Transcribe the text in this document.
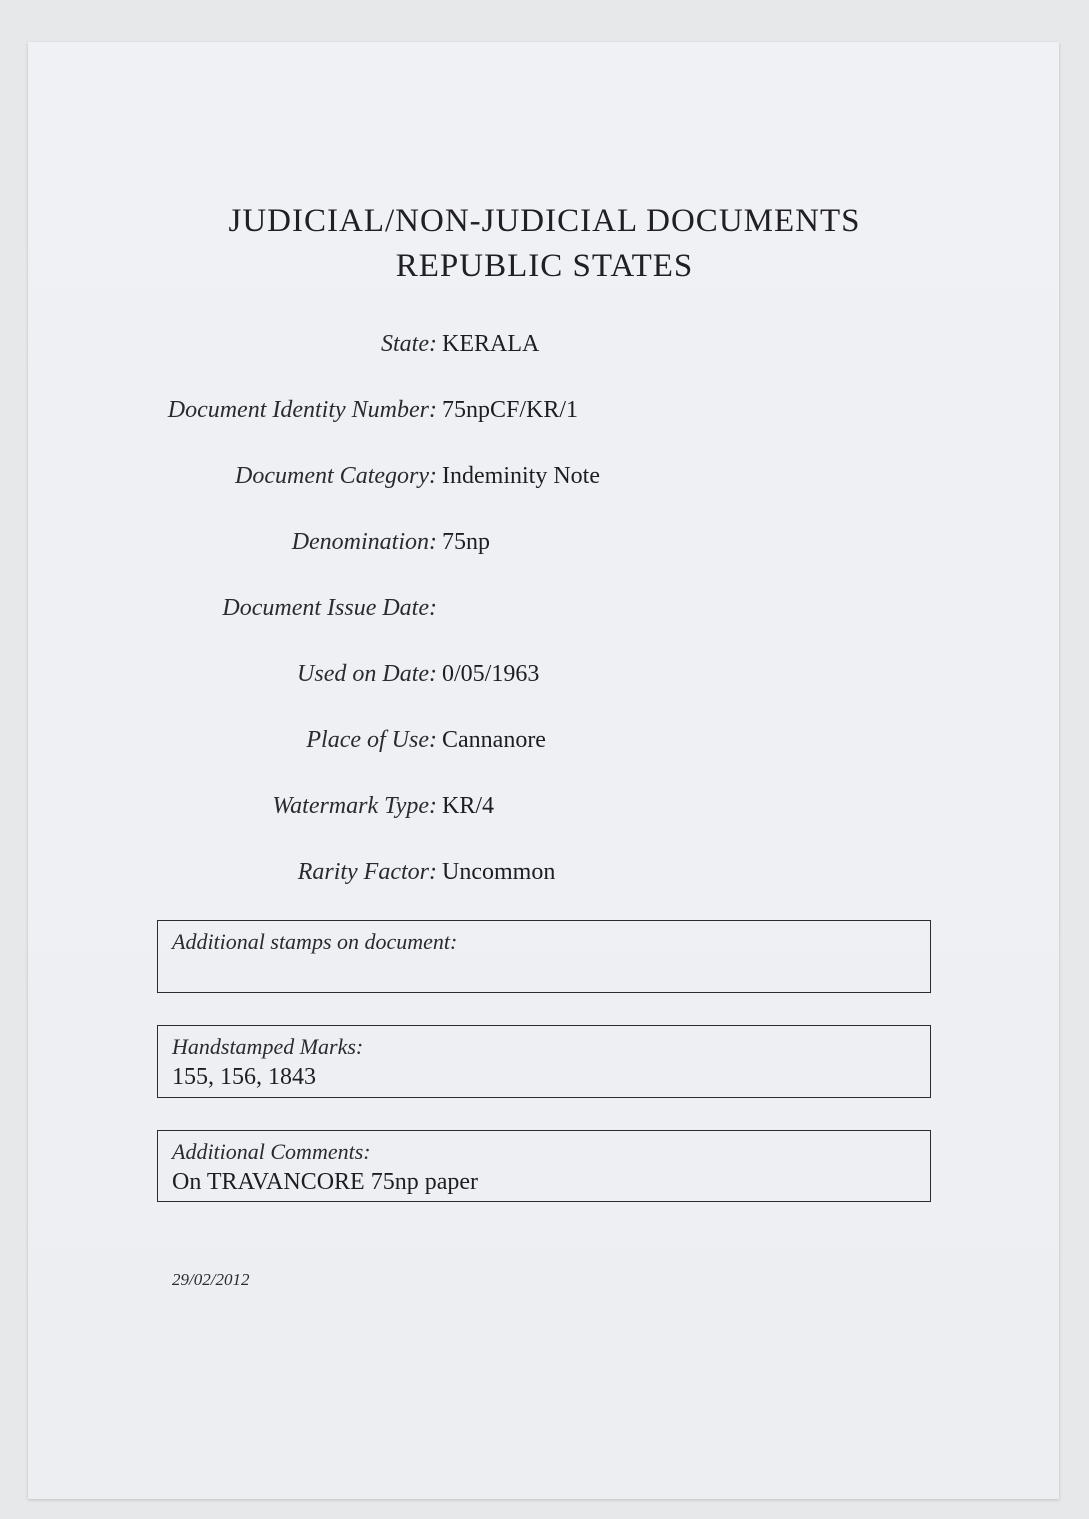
JUDICIAL/NON-JUDICIAL DOCUMENTS
REPUBLIC STATES
State: KERALA
Document Identity Number: 75npCF/KR/1
Document Category: Indeminity Note
Denomination: 75np
Document Issue Date:
Used on Date: 0/05/1963
Place of Use: Cannanore
Watermark Type: KR/4
Rarity Factor: Uncommon
Additional stamps on document:
Handstamped Marks:
155, 156, 1843
Additional Comments:
On TRAVANCORE 75np paper
29/02/2012
